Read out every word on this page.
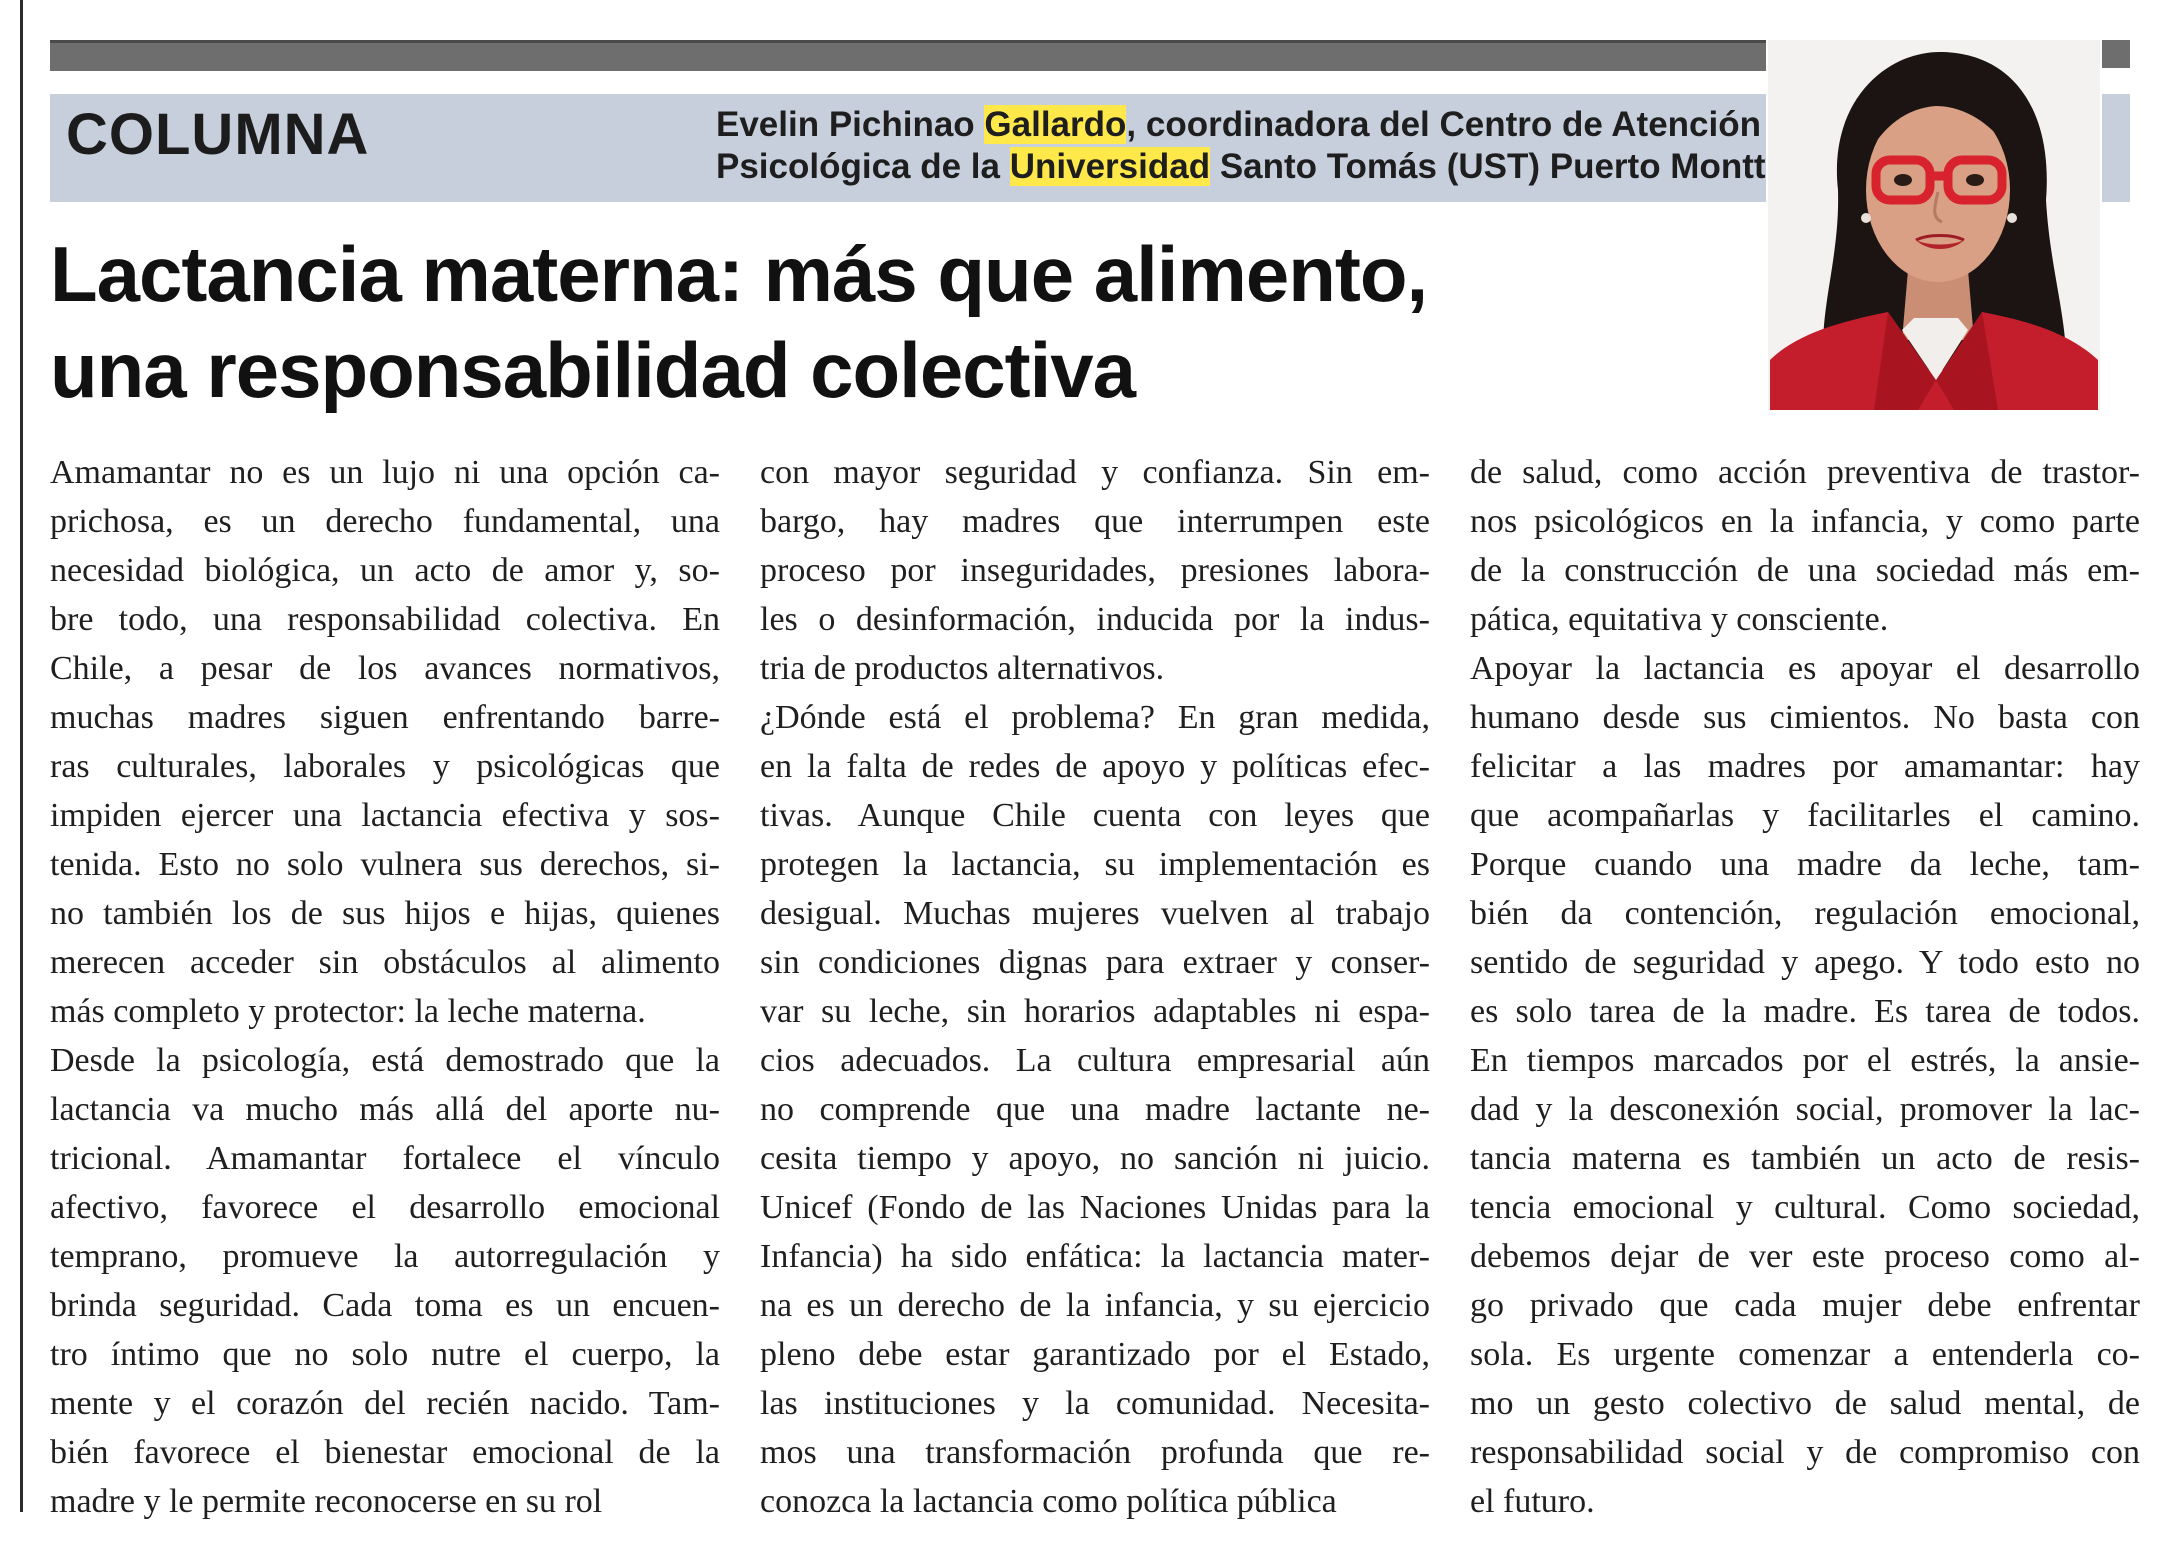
COLUMNA	Evelin Pichinao Gallardo, coordinadora del Centro de Atención
Psicológica de la Universidad Santo Tomás (UST) Puerto Montt
Lactancia materna: más que alimento,
una responsabilidad colectiva

Amamantar no es un lujo ni una opción ca-

prichosa, es un derecho fundamental, una

necesidad biológica, un acto de amor y, so-

bre todo, una responsabilidad colectiva. En

Chile, a pesar de los avances normativos,

muchas madres siguen enfrentando barre-

ras culturales, laborales y psicológicas que

impiden ejercer una lactancia efectiva y sos-

tenida. Esto no solo vulnera sus derechos, si-

no también los de sus hijos e hijas, quienes

merecen acceder sin obstáculos al alimento

más completo y protector: la leche materna.

Desde la psicología, está demostrado que la

lactancia va mucho más allá del aporte nu-

tricional. Amamantar fortalece el vínculo

afectivo, favorece el desarrollo emocional

temprano, promueve la autorregulación y

brinda seguridad. Cada toma es un encuen-

tro íntimo que no solo nutre el cuerpo, la

mente y el corazón del recién nacido. Tam-

bién favorece el bienestar emocional de la

madre y le permite reconocerse en su rol

con mayor seguridad y confianza. Sin em-

bargo, hay madres que interrumpen este

proceso por inseguridades, presiones labora-

les o desinformación, inducida por la indus-

tria de productos alternativos.

¿Dónde está el problema? En gran medida,

en la falta de redes de apoyo y políticas efec-

tivas. Aunque Chile cuenta con leyes que

protegen la lactancia, su implementación es

desigual. Muchas mujeres vuelven al trabajo

sin condiciones dignas para extraer y conser-

var su leche, sin horarios adaptables ni espa-

cios adecuados. La cultura empresarial aún

no comprende que una madre lactante ne-

cesita tiempo y apoyo, no sanción ni juicio.

Unicef (Fondo de las Naciones Unidas para la

Infancia) ha sido enfática: la lactancia mater-

na es un derecho de la infancia, y su ejercicio

pleno debe estar garantizado por el Estado,

las instituciones y la comunidad. Necesita-

mos una transformación profunda que re-

conozca la lactancia como política pública

de salud, como acción preventiva de trastor-

nos psicológicos en la infancia, y como parte

de la construcción de una sociedad más em-

pática, equitativa y consciente.

Apoyar la lactancia es apoyar el desarrollo

humano desde sus cimientos. No basta con

felicitar a las madres por amamantar: hay

que acompañarlas y facilitarles el camino.

Porque cuando una madre da leche, tam-

bién da contención, regulación emocional,

sentido de seguridad y apego. Y todo esto no

es solo tarea de la madre. Es tarea de todos.

En tiempos marcados por el estrés, la ansie-

dad y la desconexión social, promover la lac-

tancia materna es también un acto de resis-

tencia emocional y cultural. Como sociedad,

debemos dejar de ver este proceso como al-

go privado que cada mujer debe enfrentar

sola. Es urgente comenzar a entenderla co-

mo un gesto colectivo de salud mental, de

responsabilidad social y de compromiso con

el futuro.
